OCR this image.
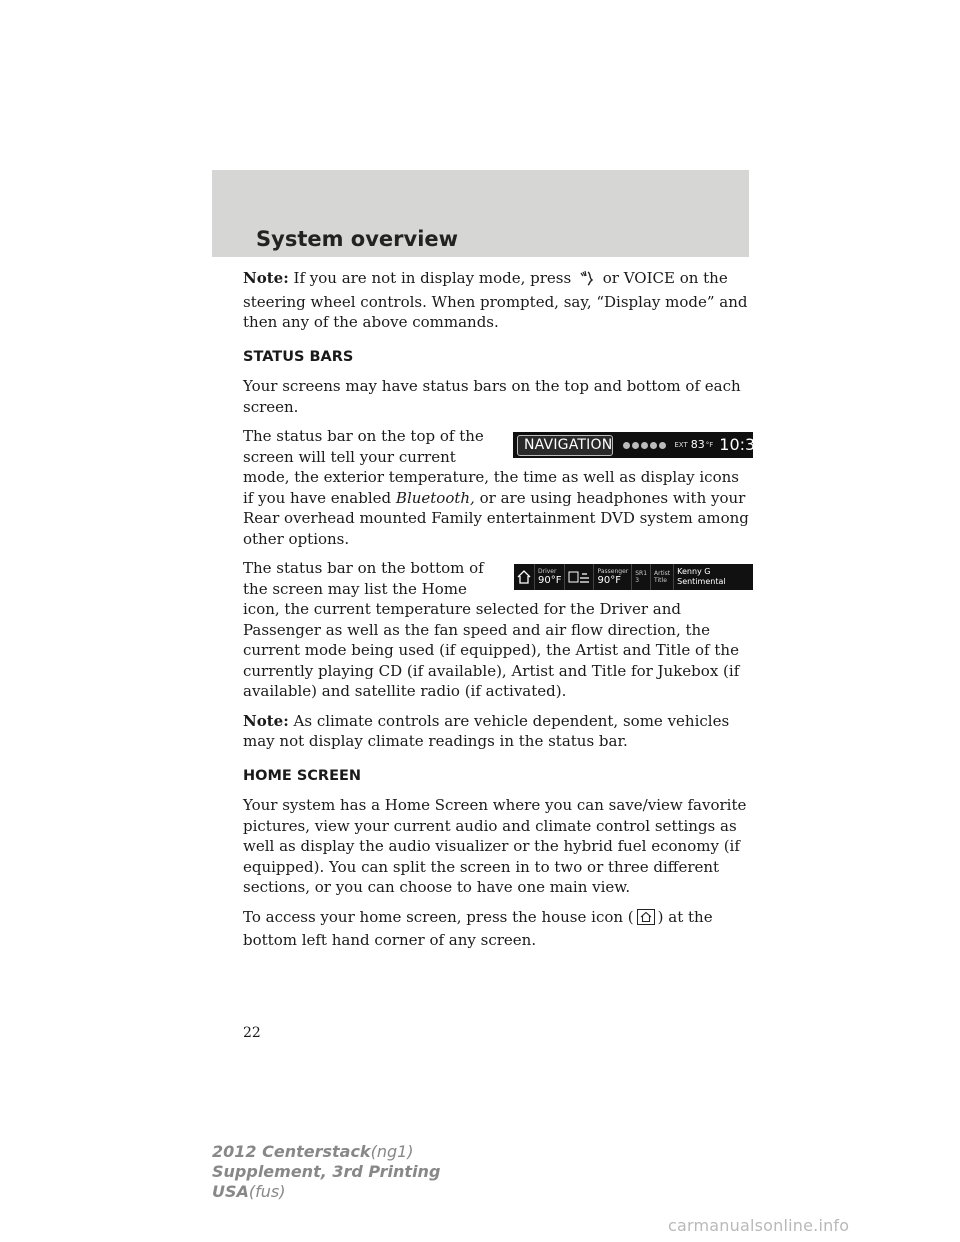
System overview

Note: If you are not in display mode, press or VOICE on the steering wheel controls. When prompted, say, “Display mode” and then any of the above commands.

STATUS BARS

Your screens may have status bars on the top and bottom of each screen.

NAVIGATION	EXT 83 °F 10:37 am

The status bar on the top of the screen will tell your current mode, the exterior temperature, the time as well as display icons if you have enabled Bluetooth, or are using headphones with your Rear overhead mounted Family entertainment DVD system among other options.

Driver
90°F
Passenger
90°F
SR1
3
Artist
Title
Kenny G
Sentimental

The status bar on the bottom of the screen may list the Home icon, the current temperature selected for the Driver and Passenger as well as the fan speed and air flow direction, the current mode being used (if equipped), the Artist and Title of the currently playing CD (if available), Artist and Title for Jukebox (if available) and satellite radio (if activated).

Note: As climate controls are vehicle dependent, some vehicles may not display climate readings in the status bar.

HOME SCREEN

Your system has a Home Screen where you can save/view favorite pictures, view your current audio and climate control settings as well as display the audio visualizer or the hybrid fuel economy (if equipped). You can split the screen in to two or three different sections, or you can choose to have one main view.

To access your home screen, press the house icon ( ) at the bottom left hand corner of any screen.

22
2012 Centerstack(ng1)
Supplement, 3rd Printing
USA(fus)
carmanualsonline.info
